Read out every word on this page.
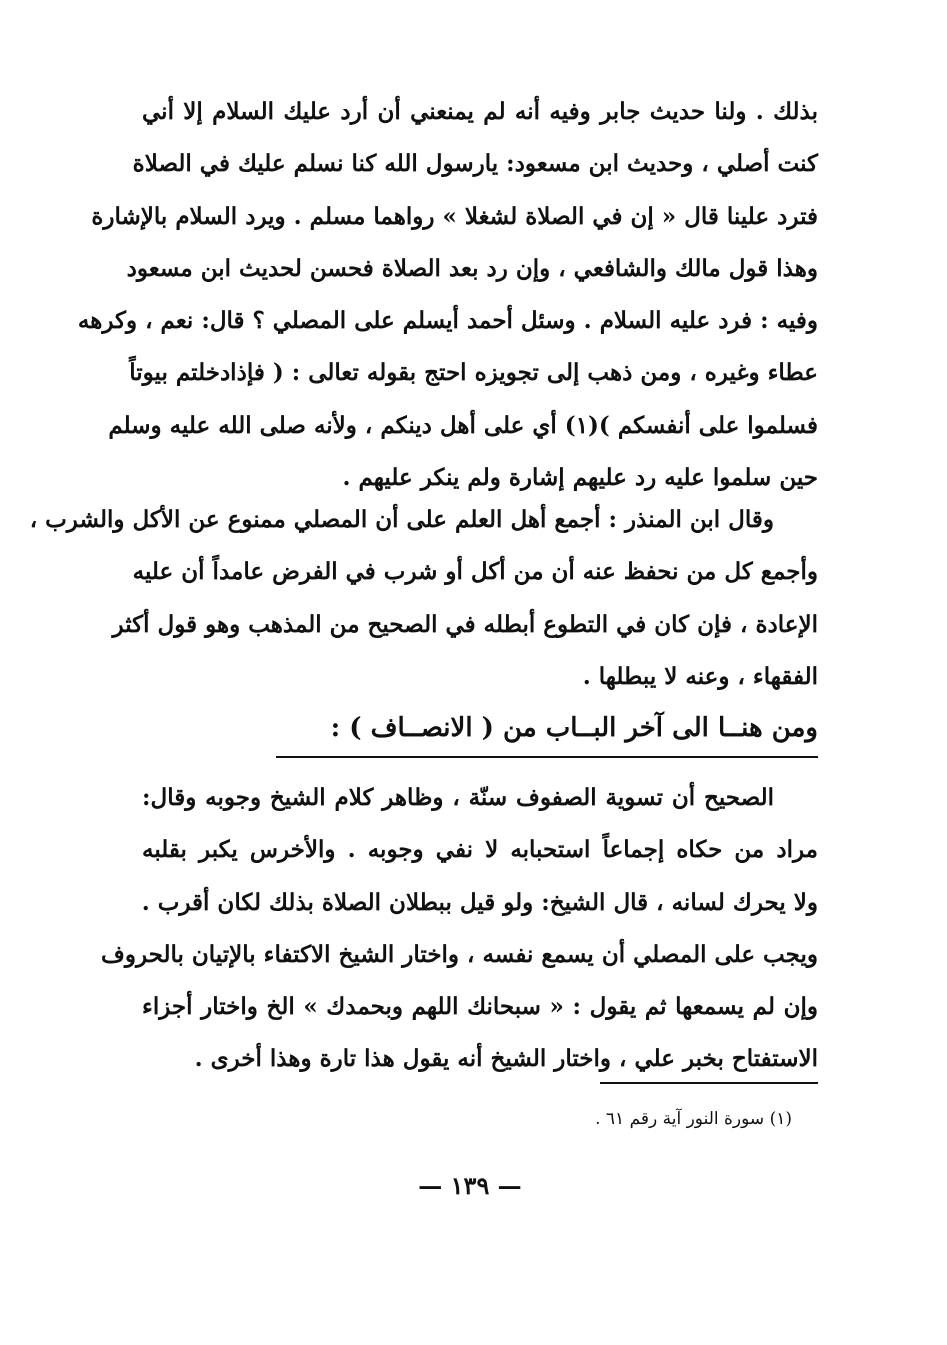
بذلك . ولنا حديث جابر وفيه أنه لم يمنعني أن أرد عليك السلام إلا أني
كنت أصلي ، وحديث ابن مسعود: يارسول الله كنا نسلم عليك في الصلاة
فترد علينا قال « إن في الصلاة لشغلا » رواهما مسلم . ويرد السلام بالإشارة
وهذا قول مالك والشافعي ، وإن رد بعد الصلاة فحسن لحديث ابن مسعود
وفيه : فرد عليه السلام . وسئل أحمد أيسلم على المصلي ؟ قال: نعم ، وكرهه
عطاء وغيره ، ومن ذهب إلى تجويزه احتج بقوله تعالى : ( فإذادخلتم بيوتاً
فسلموا على أنفسكم )(١) أي على أهل دينكم ، ولأنه صلى الله عليه وسلم
حين سلموا عليه رد عليهم إشارة ولم ينكر عليهم .
وقال ابن المنذر : أجمع أهل العلم على أن المصلي ممنوع عن الأكل والشرب ،
وأجمع كل من نحفظ عنه أن من أكل أو شرب في الفرض عامداً أن عليه
الإعادة ، فإن كان في التطوع أبطله في الصحيح من المذهب وهو قول أكثر
الفقهاء ، وعنه لا يبطلها .
ومن هنــا الى آخر البــاب من ( الانصــاف ) :
الصحيح أن تسوية الصفوف سنّة ، وظاهر كلام الشيخ وجوبه وقال:
مراد من حكاه إجماعاً استحبابه لا نفي وجوبه . والأخرس يكبر بقلبه
ولا يحرك لسانه ، قال الشيخ: ولو قيل ببطلان الصلاة بذلك لكان أقرب .
ويجب على المصلي أن يسمع نفسه ، واختار الشيخ الاكتفاء بالإتيان بالحروف
وإن لم يسمعها ثم يقول : « سبحانك اللهم وبحمدك » الخ واختار أجزاء
الاستفتاح بخبر علي ، واختار الشيخ أنه يقول هذا تارة وهذا أخرى .
(١) سورة النور آية رقم ٦١ .
— ١٣٩ —
